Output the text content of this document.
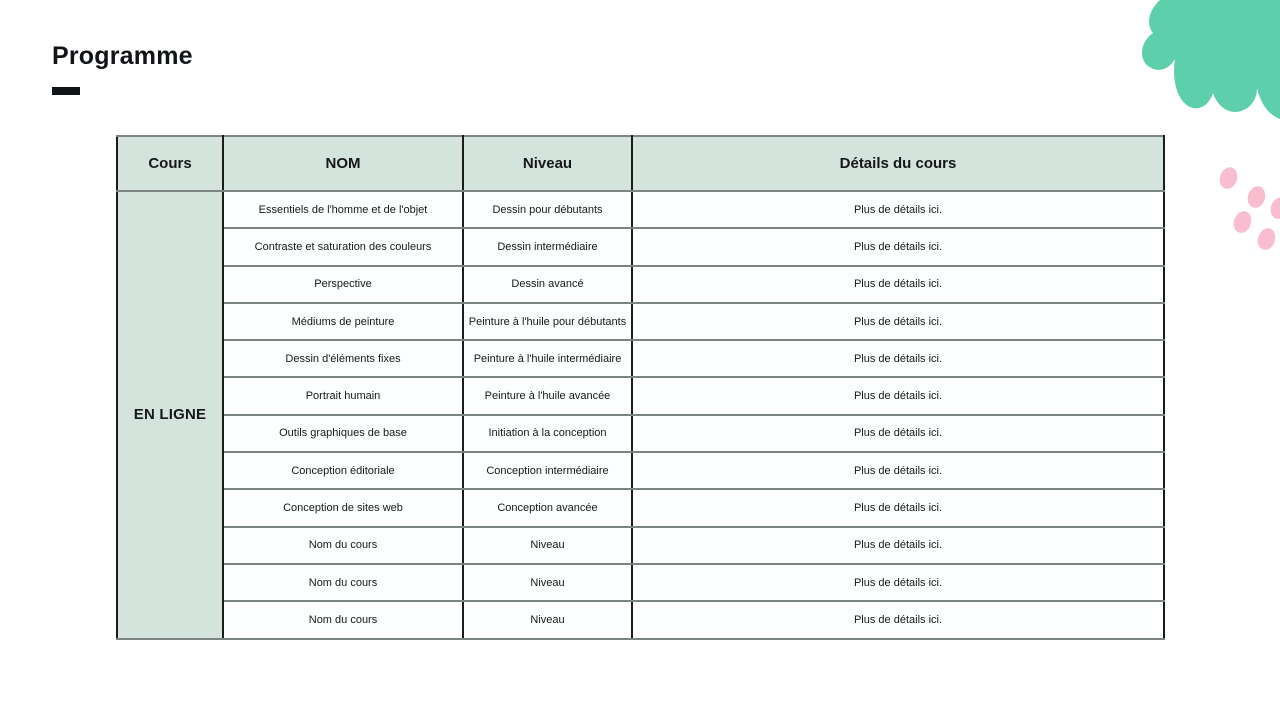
Programme
Cours	NOM	Niveau	Détails du cours
EN LIGNE	Essentiels de l'homme et de l'objet	Dessin pour débutants	Plus de détails ici.
	Contraste et saturation des couleurs	Dessin intermédiaire	Plus de détails ici.
	Perspective	Dessin avancé	Plus de détails ici.
	Médiums de peinture	Peinture à l'huile pour débutants	Plus de détails ici.
	Dessin d'éléments fixes	Peinture à l'huile intermédiaire	Plus de détails ici.
	Portrait humain	Peinture à l'huile avancée	Plus de détails ici.
	Outils graphiques de base	Initiation à la conception	Plus de détails ici.
	Conception éditoriale	Conception intermédiaire	Plus de détails ici.
	Conception de sites web	Conception avancée	Plus de détails ici.
	Nom du cours	Niveau	Plus de détails ici.
	Nom du cours	Niveau	Plus de détails ici.
	Nom du cours	Niveau	Plus de détails ici.
